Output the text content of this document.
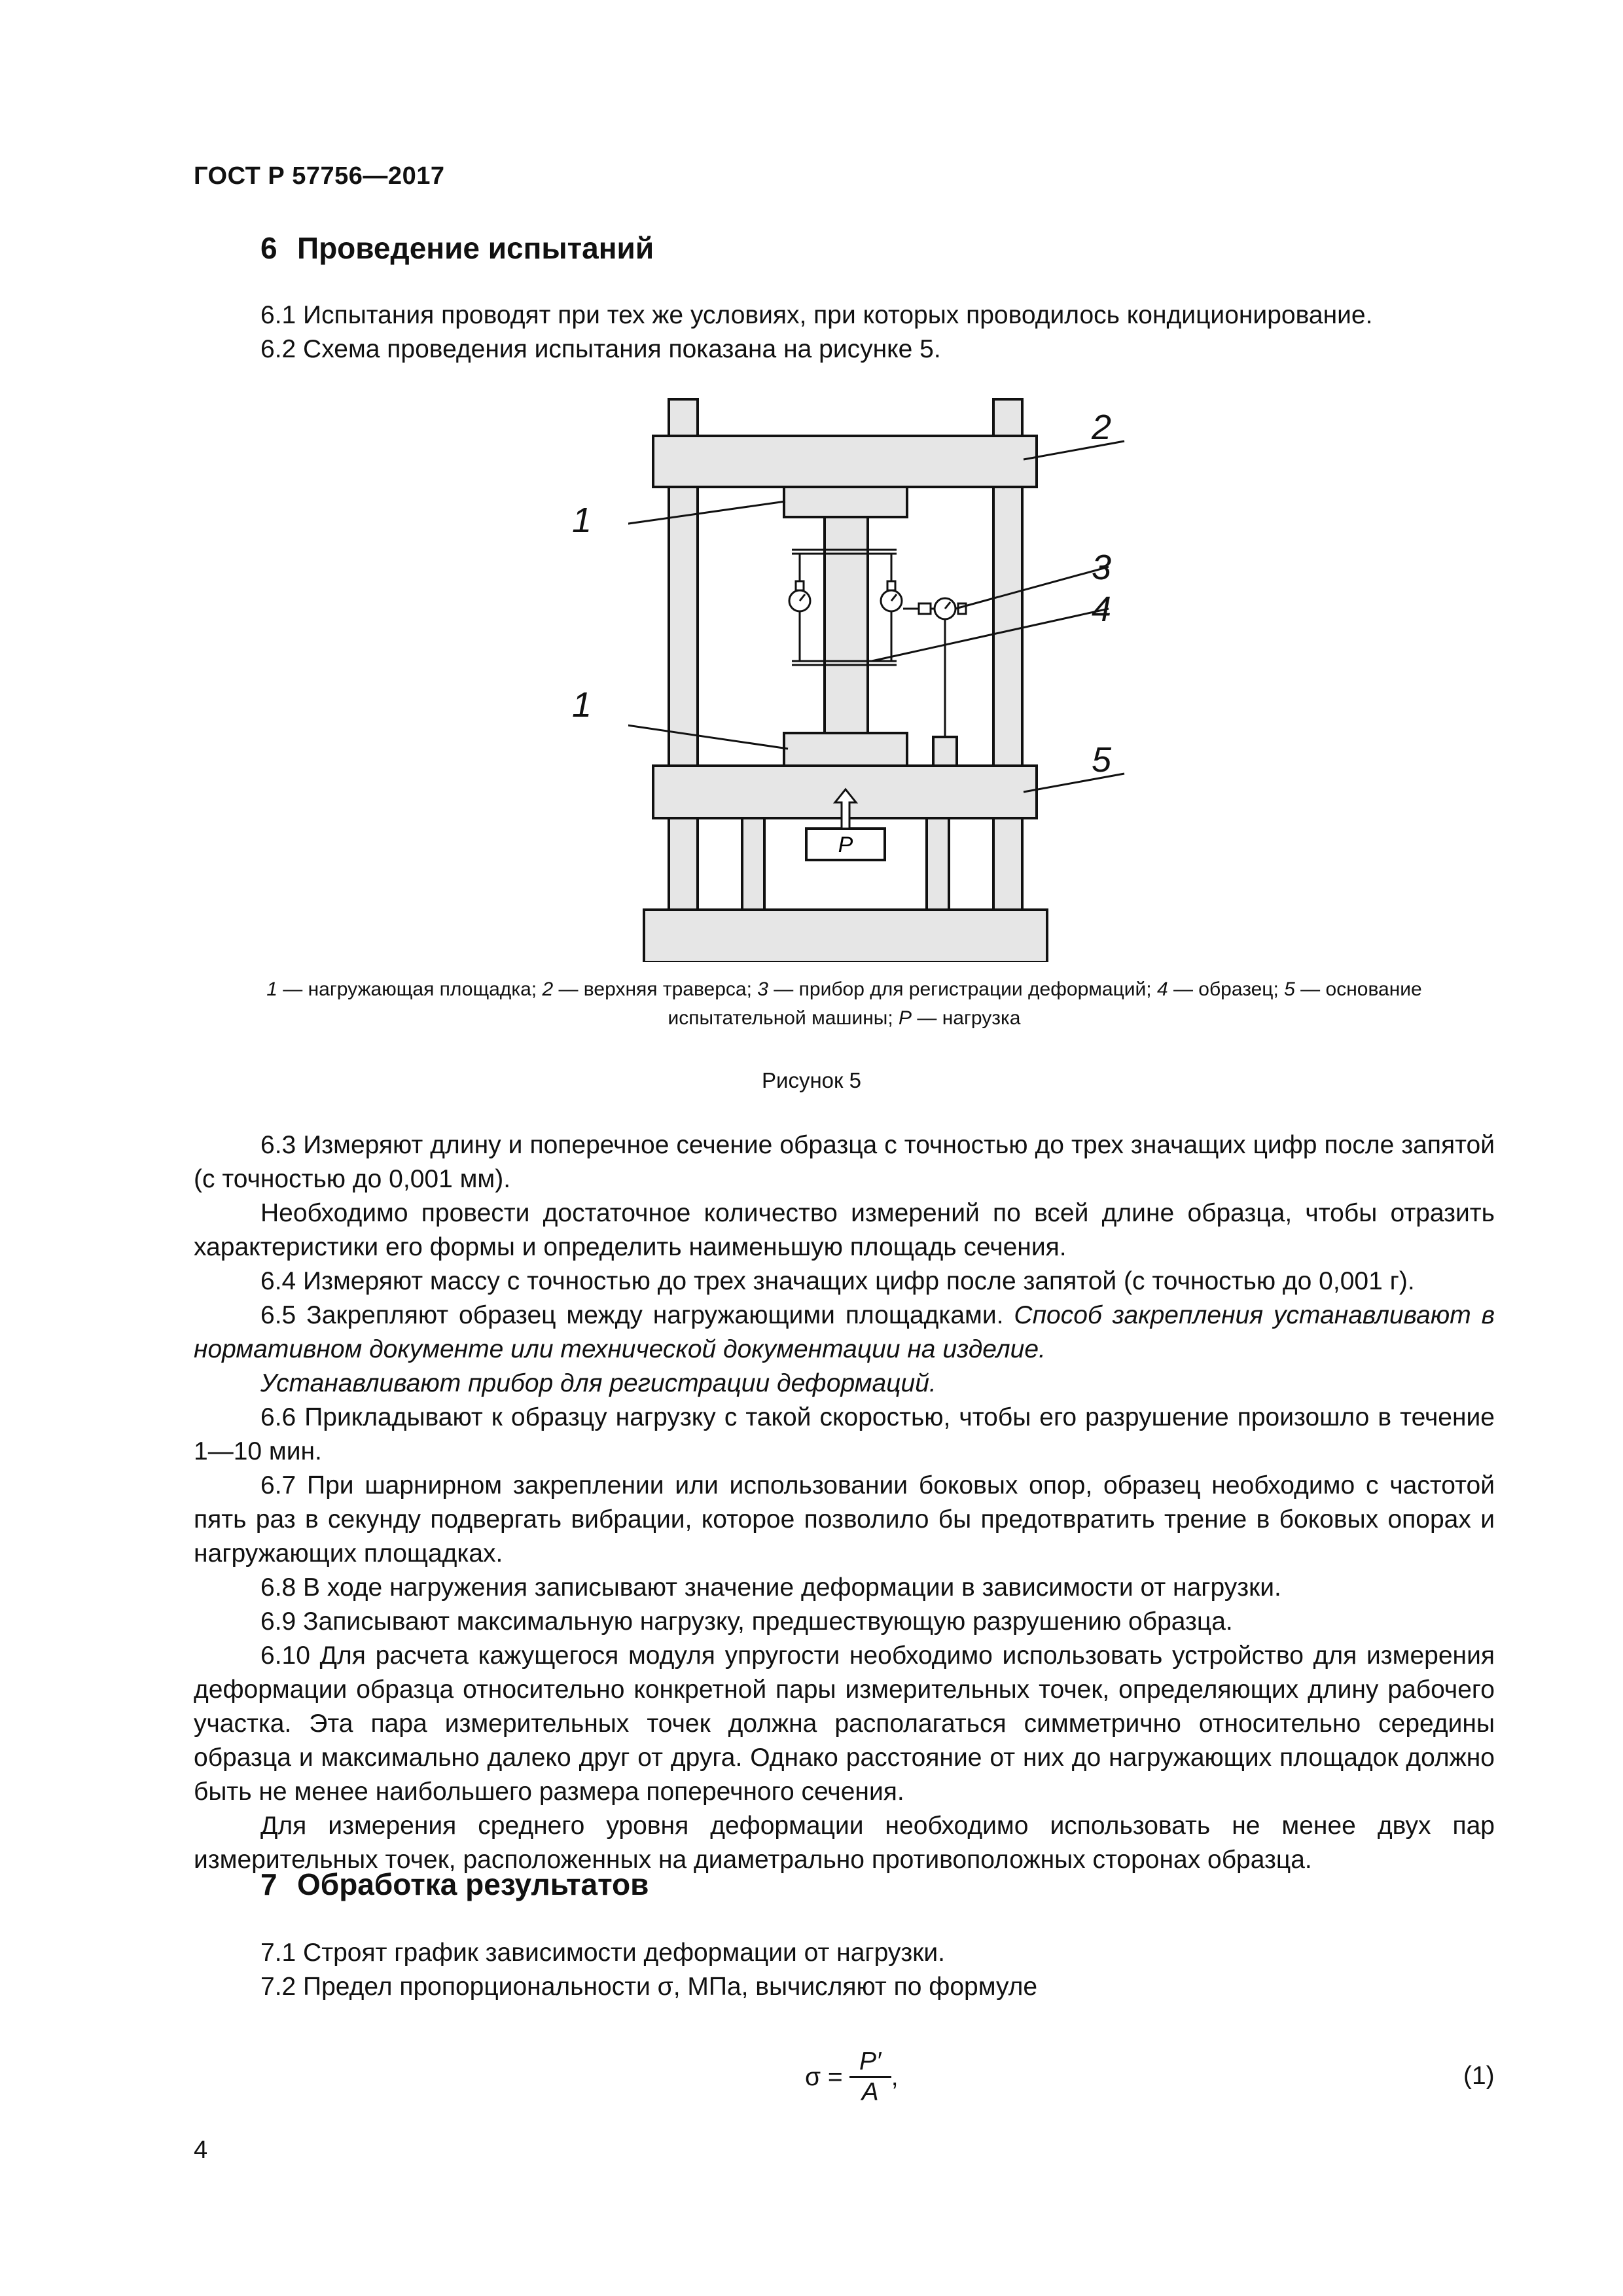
ГОСТ Р 57756—2017
6 Проведение испытаний
6.1 Испытания проводят при тех же условиях, при которых проводилось кондиционирование.
6.2 Схема проведения испытания показана на рисунке 5.
P
1
2
3
4
1
5
1 — нагружающая площадка; 2 — верхняя траверса; 3 — прибор для регистрации деформаций; 4 — образец; 5 — основание
испытательной машины; P — нагрузка
Рисунок 5

6.3 Измеряют длину и поперечное сечение образца с точностью до трех значащих цифр после запятой (с точностью до 0,001 мм).

Необходимо провести достаточное количество измерений по всей длине образца, чтобы отразить характеристики его формы и определить наименьшую площадь сечения.

6.4 Измеряют массу с точностью до трех значащих цифр после запятой (с точностью до 0,001 г).

6.5 Закрепляют образец между нагружающими площадками. Способ закрепления устанавливают в нормативном документе или технической документации на изделие.

Устанавливают прибор для регистрации деформаций.

6.6 Прикладывают к образцу нагрузку с такой скоростью, чтобы его разрушение произошло в течение 1—10 мин.

6.7 При шарнирном закреплении или использовании боковых опор, образец необходимо с частотой пять раз в секунду подвергать вибрации, которое позволило бы предотвратить трение в боковых опорах и нагружающих площадках.

6.8 В ходе нагружения записывают значение деформации в зависимости от нагрузки.

6.9 Записывают максимальную нагрузку, предшествующую разрушению образца.

6.10 Для расчета кажущегося модуля упругости необходимо использовать устройство для измерения деформации образца относительно конкретной пары измерительных точек, определяющих длину рабочего участка. Эта пара измерительных точек должна располагаться симметрично относительно середины образца и максимально далеко друг от друга. Однако расстояние от них до нагружающих площадок должно быть не менее наибольшего размера поперечного сечения.

Для измерения среднего уровня деформации необходимо использовать не менее двух пар измерительных точек, расположенных на диаметрально противоположных сторонах образца.

7 Обработка результатов
7.1 Строят график зависимости деформации от нагрузки.
7.2 Предел пропорциональности σ, МПа, вычисляют по формуле
σ =
P′
A
,	(1)
4
